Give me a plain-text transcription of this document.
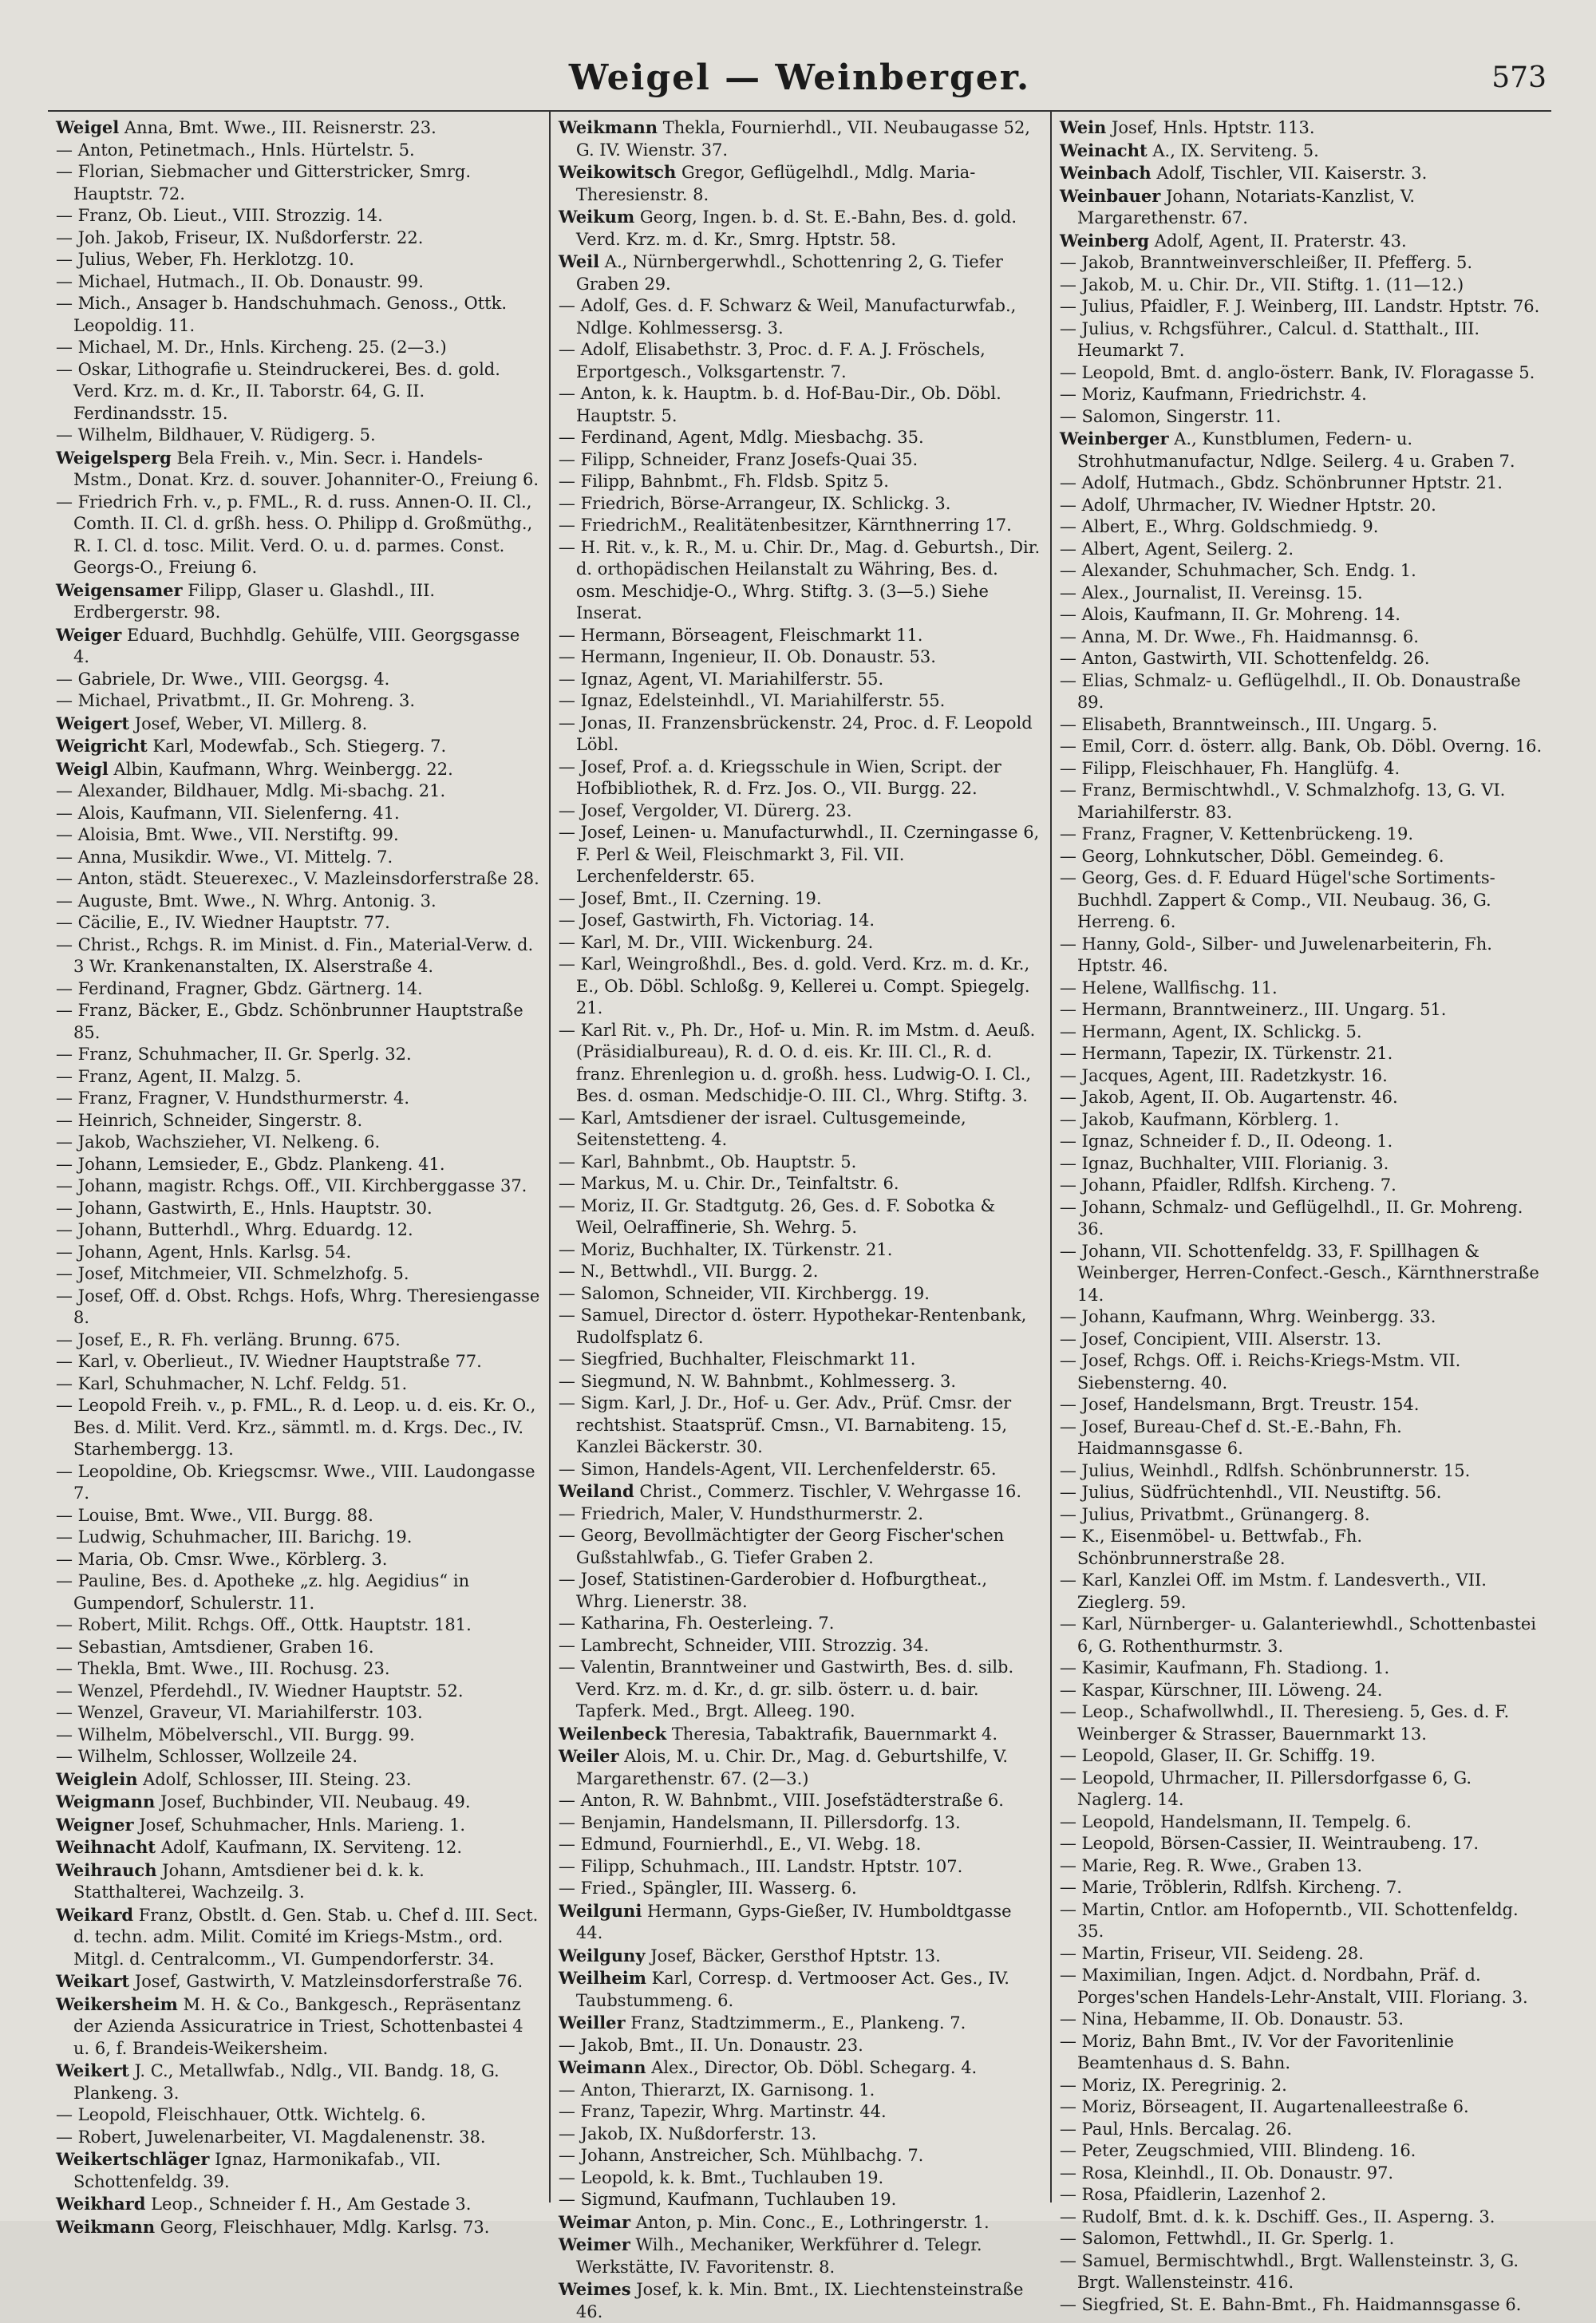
Weigel — Weinberger.	573

Weigel Anna, Bmt. Wwe., III. Reisnerstr. 23.

— Anton, Petinetmach., Hnls. Hürtelstr. 5.

— Florian, Siebmacher und Gitterstricker, Smrg. Hauptstr. 72.

— Franz, Ob. Lieut., VIII. Strozzig. 14.

— Joh. Jakob, Friseur, IX. Nußdorferstr. 22.

— Julius, Weber, Fh. Herklotzg. 10.

— Michael, Hutmach., II. Ob. Donaustr. 99.

— Mich., Ansager b. Handschuhmach. Genoss., Ottk. Leopoldig. 11.

— Michael, M. Dr., Hnls. Kircheng. 25. (2—3.)

— Oskar, Lithografie u. Steindruckerei, Bes. d. gold. Verd. Krz. m. d. Kr., II. Taborstr. 64, G. II. Ferdinandsstr. 15.

— Wilhelm, Bildhauer, V. Rüdigerg. 5.

Weigelsperg Bela Freih. v., Min. Secr. i. Handels-Mstm., Donat. Krz. d. souver. Johanniter-O., Freiung 6.

— Friedrich Frh. v., p. FML., R. d. russ. Annen-O. II. Cl., Comth. II. Cl. d. grßh. hess. O. Philipp d. Großmüthg., R. I. Cl. d. tosc. Milit. Verd. O. u. d. parmes. Const. Georgs-O., Freiung 6.

Weigensamer Filipp, Glaser u. Glashdl., III. Erdbergerstr. 98.

Weiger Eduard, Buchhdlg. Gehülfe, VIII. Georgsgasse 4.

— Gabriele, Dr. Wwe., VIII. Georgsg. 4.

— Michael, Privatbmt., II. Gr. Mohreng. 3.

Weigert Josef, Weber, VI. Millerg. 8.

Weigricht Karl, Modewfab., Sch. Stiegerg. 7.

Weigl Albin, Kaufmann, Whrg. Weinbergg. 22.

— Alexander, Bildhauer, Mdlg. Mi-sbachg. 21.

— Alois, Kaufmann, VII. Sielenferng. 41.

— Aloisia, Bmt. Wwe., VII. Nerstiftg. 99.

— Anna, Musikdir. Wwe., VI. Mittelg. 7.

— Anton, städt. Steuerexec., V. Mazleinsdorferstraße 28.

— Auguste, Bmt. Wwe., N. Whrg. Antonig. 3.

— Cäcilie, E., IV. Wiedner Hauptstr. 77.

— Christ., Rchgs. R. im Minist. d. Fin., Material-Verw. d. 3 Wr. Krankenanstalten, IX. Alserstraße 4.

— Ferdinand, Fragner, Gbdz. Gärtnerg. 14.

— Franz, Bäcker, E., Gbdz. Schönbrunner Hauptstraße 85.

— Franz, Schuhmacher, II. Gr. Sperlg. 32.

— Franz, Agent, II. Malzg. 5.

— Franz, Fragner, V. Hundsthurmerstr. 4.

— Heinrich, Schneider, Singerstr. 8.

— Jakob, Wachszieher, VI. Nelkeng. 6.

— Johann, Lemsieder, E., Gbdz. Plankeng. 41.

— Johann, magistr. Rchgs. Off., VII. Kirchberggasse 37.

— Johann, Gastwirth, E., Hnls. Hauptstr. 30.

— Johann, Butterhdl., Whrg. Eduardg. 12.

— Johann, Agent, Hnls. Karlsg. 54.

— Josef, Mitchmeier, VII. Schmelzhofg. 5.

— Josef, Off. d. Obst. Rchgs. Hofs, Whrg. Theresiengasse 8.

— Josef, E., R. Fh. verläng. Brunng. 675.

— Karl, v. Oberlieut., IV. Wiedner Hauptstraße 77.

— Karl, Schuhmacher, N. Lchf. Feldg. 51.

— Leopold Freih. v., p. FML., R. d. Leop. u. d. eis. Kr. O., Bes. d. Milit. Verd. Krz., sämmtl. m. d. Krgs. Dec., IV. Starhembergg. 13.

— Leopoldine, Ob. Kriegscmsr. Wwe., VIII. Laudongasse 7.

— Louise, Bmt. Wwe., VII. Burgg. 88.

— Ludwig, Schuhmacher, III. Barichg. 19.

— Maria, Ob. Cmsr. Wwe., Körblerg. 3.

— Pauline, Bes. d. Apotheke „z. hlg. Aegidius“ in Gumpendorf, Schulerstr. 11.

— Robert, Milit. Rchgs. Off., Ottk. Hauptstr. 181.

— Sebastian, Amtsdiener, Graben 16.

— Thekla, Bmt. Wwe., III. Rochusg. 23.

— Wenzel, Pferdehdl., IV. Wiedner Hauptstr. 52.

— Wenzel, Graveur, VI. Mariahilferstr. 103.

— Wilhelm, Möbelverschl., VII. Burgg. 99.

— Wilhelm, Schlosser, Wollzeile 24.

Weiglein Adolf, Schlosser, III. Steing. 23.

Weigmann Josef, Buchbinder, VII. Neubaug. 49.

Weigner Josef, Schuhmacher, Hnls. Marieng. 1.

Weihnacht Adolf, Kaufmann, IX. Serviteng. 12.

Weihrauch Johann, Amtsdiener bei d. k. k. Statthalterei, Wachzeilg. 3.

Weikard Franz, Obstlt. d. Gen. Stab. u. Chef d. III. Sect. d. techn. adm. Milit. Comité im Kriegs-Mstm., ord. Mitgl. d. Centralcomm., VI. Gumpendorferstr. 34.

Weikart Josef, Gastwirth, V. Matzleinsdorferstraße 76.

Weikersheim M. H. & Co., Bankgesch., Repräsentanz der Azienda Assicuratrice in Triest, Schottenbastei 4 u. 6, f. Brandeis-Weikersheim.

Weikert J. C., Metallwfab., Ndlg., VII. Bandg. 18, G. Plankeng. 3.

— Leopold, Fleischhauer, Ottk. Wichtelg. 6.

— Robert, Juwelenarbeiter, VI. Magdalenenstr. 38.

Weikertschläger Ignaz, Harmonikafab., VII. Schottenfeldg. 39.

Weikhard Leop., Schneider f. H., Am Gestade 3.

Weikmann Georg, Fleischhauer, Mdlg. Karlsg. 73.

Weikmann Thekla, Fournierhdl., VII. Neubaugasse 52, G. IV. Wienstr. 37.

Weikowitsch Gregor, Geflügelhdl., Mdlg. Maria-Theresienstr. 8.

Weikum Georg, Ingen. b. d. St. E.-Bahn, Bes. d. gold. Verd. Krz. m. d. Kr., Smrg. Hptstr. 58.

Weil A., Nürnbergerwhdl., Schottenring 2, G. Tiefer Graben 29.

— Adolf, Ges. d. F. Schwarz & Weil, Manufacturwfab., Ndlge. Kohlmessersg. 3.

— Adolf, Elisabethstr. 3, Proc. d. F. A. J. Fröschels, Erportgesch., Volksgartenstr. 7.

— Anton, k. k. Hauptm. b. d. Hof-Bau-Dir., Ob. Döbl. Hauptstr. 5.

— Ferdinand, Agent, Mdlg. Miesbachg. 35.

— Filipp, Schneider, Franz Josefs-Quai 35.

— Filipp, Bahnbmt., Fh. Fldsb. Spitz 5.

— Friedrich, Börse-Arrangeur, IX. Schlickg. 3.

— FriedrichM., Realitätenbesitzer, Kärnthnerring 17.

— H. Rit. v., k. R., M. u. Chir. Dr., Mag. d. Geburtsh., Dir. d. orthopädischen Heilanstalt zu Währing, Bes. d. osm. Meschidje-O., Whrg. Stiftg. 3. (3—5.) Siehe Inserat.

— Hermann, Börseagent, Fleischmarkt 11.

— Hermann, Ingenieur, II. Ob. Donaustr. 53.

— Ignaz, Agent, VI. Mariahilferstr. 55.

— Ignaz, Edelsteinhdl., VI. Mariahilferstr. 55.

— Jonas, II. Franzensbrückenstr. 24, Proc. d. F. Leopold Löbl.

— Josef, Prof. a. d. Kriegsschule in Wien, Script. der Hofbibliothek, R. d. Frz. Jos. O., VII. Burgg. 22.

— Josef, Vergolder, VI. Dürerg. 23.

— Josef, Leinen- u. Manufacturwhdl., II. Czerningasse 6, F. Perl & Weil, Fleischmarkt 3, Fil. VII. Lerchenfelderstr. 65.

— Josef, Bmt., II. Czerning. 19.

— Josef, Gastwirth, Fh. Victoriag. 14.

— Karl, M. Dr., VIII. Wickenburg. 24.

— Karl, Weingroßhdl., Bes. d. gold. Verd. Krz. m. d. Kr., E., Ob. Döbl. Schloßg. 9, Kellerei u. Compt. Spiegelg. 21.

— Karl Rit. v., Ph. Dr., Hof- u. Min. R. im Mstm. d. Aeuß. (Präsidialbureau), R. d. O. d. eis. Kr. III. Cl., R. d. franz. Ehrenlegion u. d. großh. hess. Ludwig-O. I. Cl., Bes. d. osman. Medschidje-O. III. Cl., Whrg. Stiftg. 3.

— Karl, Amtsdiener der israel. Cultusgemeinde, Seitenstetteng. 4.

— Karl, Bahnbmt., Ob. Hauptstr. 5.

— Markus, M. u. Chir. Dr., Teinfaltstr. 6.

— Moriz, II. Gr. Stadtgutg. 26, Ges. d. F. Sobotka & Weil, Oelraffinerie, Sh. Wehrg. 5.

— Moriz, Buchhalter, IX. Türkenstr. 21.

— N., Bettwhdl., VII. Burgg. 2.

— Salomon, Schneider, VII. Kirchbergg. 19.

— Samuel, Director d. österr. Hypothekar-Rentenbank, Rudolfsplatz 6.

— Siegfried, Buchhalter, Fleischmarkt 11.

— Siegmund, N. W. Bahnbmt., Kohlmesserg. 3.

— Sigm. Karl, J. Dr., Hof- u. Ger. Adv., Prüf. Cmsr. der rechtshist. Staatsprüf. Cmsn., VI. Barnabiteng. 15, Kanzlei Bäckerstr. 30.

— Simon, Handels-Agent, VII. Lerchenfelderstr. 65.

Weiland Christ., Commerz. Tischler, V. Wehrgasse 16.

— Friedrich, Maler, V. Hundsthurmerstr. 2.

— Georg, Bevollmächtigter der Georg Fischer'schen Gußstahlwfab., G. Tiefer Graben 2.

— Josef, Statistinen-Garderobier d. Hofburgtheat., Whrg. Lienerstr. 38.

— Katharina, Fh. Oesterleing. 7.

— Lambrecht, Schneider, VIII. Strozzig. 34.

— Valentin, Branntweiner und Gastwirth, Bes. d. silb. Verd. Krz. m. d. Kr., d. gr. silb. österr. u. d. bair. Tapferk. Med., Brgt. Alleeg. 190.

Weilenbeck Theresia, Tabaktrafik, Bauernmarkt 4.

Weiler Alois, M. u. Chir. Dr., Mag. d. Geburtshilfe, V. Margarethenstr. 67. (2—3.)

— Anton, R. W. Bahnbmt., VIII. Josefstädterstraße 6.

— Benjamin, Handelsmann, II. Pillersdorfg. 13.

— Edmund, Fournierhdl., E., VI. Webg. 18.

— Filipp, Schuhmach., III. Landstr. Hptstr. 107.

— Fried., Spängler, III. Wasserg. 6.

Weilguni Hermann, Gyps-Gießer, IV. Humboldtgasse 44.

Weilguny Josef, Bäcker, Gersthof Hptstr. 13.

Weilheim Karl, Corresp. d. Vertmooser Act. Ges., IV. Taubstummeng. 6.

Weiller Franz, Stadtzimmerm., E., Plankeng. 7.

— Jakob, Bmt., II. Un. Donaustr. 23.

Weimann Alex., Director, Ob. Döbl. Schegarg. 4.

— Anton, Thierarzt, IX. Garnisong. 1.

— Franz, Tapezir, Whrg. Martinstr. 44.

— Jakob, IX. Nußdorferstr. 13.

— Johann, Anstreicher, Sch. Mühlbachg. 7.

— Leopold, k. k. Bmt., Tuchlauben 19.

— Sigmund, Kaufmann, Tuchlauben 19.

Weimar Anton, p. Min. Conc., E., Lothringerstr. 1.

Weimer Wilh., Mechaniker, Werkführer d. Telegr. Werkstätte, IV. Favoritenstr. 8.

Weimes Josef, k. k. Min. Bmt., IX. Liechtensteinstraße 46.

Wein Josef, Hnls. Hptstr. 113.

Weinacht A., IX. Serviteng. 5.

Weinbach Adolf, Tischler, VII. Kaiserstr. 3.

Weinbauer Johann, Notariats-Kanzlist, V. Margarethenstr. 67.

Weinberg Adolf, Agent, II. Praterstr. 43.

— Jakob, Branntweinverschleißer, II. Pfefferg. 5.

— Jakob, M. u. Chir. Dr., VII. Stiftg. 1. (11—12.)

— Julius, Pfaidler, F. J. Weinberg, III. Landstr. Hptstr. 76.

— Julius, v. Rchgsführer., Calcul. d. Statthalt., III. Heumarkt 7.

— Leopold, Bmt. d. anglo-österr. Bank, IV. Floragasse 5.

— Moriz, Kaufmann, Friedrichstr. 4.

— Salomon, Singerstr. 11.

Weinberger A., Kunstblumen, Federn- u. Strohhutmanufactur, Ndlge. Seilerg. 4 u. Graben 7.

— Adolf, Hutmach., Gbdz. Schönbrunner Hptstr. 21.

— Adolf, Uhrmacher, IV. Wiedner Hptstr. 20.

— Albert, E., Whrg. Goldschmiedg. 9.

— Albert, Agent, Seilerg. 2.

— Alexander, Schuhmacher, Sch. Endg. 1.

— Alex., Journalist, II. Vereinsg. 15.

— Alois, Kaufmann, II. Gr. Mohreng. 14.

— Anna, M. Dr. Wwe., Fh. Haidmannsg. 6.

— Anton, Gastwirth, VII. Schottenfeldg. 26.

— Elias, Schmalz- u. Geflügelhdl., II. Ob. Donaustraße 89.

— Elisabeth, Branntweinsch., III. Ungarg. 5.

— Emil, Corr. d. österr. allg. Bank, Ob. Döbl. Overng. 16.

— Filipp, Fleischhauer, Fh. Hanglüfg. 4.

— Franz, Bermischtwhdl., V. Schmalzhofg. 13, G. VI. Mariahilferstr. 83.

— Franz, Fragner, V. Kettenbrückeng. 19.

— Georg, Lohnkutscher, Döbl. Gemeindeg. 6.

— Georg, Ges. d. F. Eduard Hügel'sche Sortiments-Buchhdl. Zappert & Comp., VII. Neubaug. 36, G. Herreng. 6.

— Hanny, Gold-, Silber- und Juwelenarbeiterin, Fh. Hptstr. 46.

— Helene, Wallfischg. 11.

— Hermann, Branntweinerz., III. Ungarg. 51.

— Hermann, Agent, IX. Schlickg. 5.

— Hermann, Tapezir, IX. Türkenstr. 21.

— Jacques, Agent, III. Radetzkystr. 16.

— Jakob, Agent, II. Ob. Augartenstr. 46.

— Jakob, Kaufmann, Körblerg. 1.

— Ignaz, Schneider f. D., II. Odeong. 1.

— Ignaz, Buchhalter, VIII. Florianig. 3.

— Johann, Pfaidler, Rdlfsh. Kircheng. 7.

— Johann, Schmalz- und Geflügelhdl., II. Gr. Mohreng. 36.

— Johann, VII. Schottenfeldg. 33, F. Spillhagen & Weinberger, Herren-Confect.-Gesch., Kärnthnerstraße 14.

— Johann, Kaufmann, Whrg. Weinbergg. 33.

— Josef, Concipient, VIII. Alserstr. 13.

— Josef, Rchgs. Off. i. Reichs-Kriegs-Mstm. VII. Siebensterng. 40.

— Josef, Handelsmann, Brgt. Treustr. 154.

— Josef, Bureau-Chef d. St.-E.-Bahn, Fh. Haidmannsgasse 6.

— Julius, Weinhdl., Rdlfsh. Schönbrunnerstr. 15.

— Julius, Südfrüchtenhdl., VII. Neustiftg. 56.

— Julius, Privatbmt., Grünangerg. 8.

— K., Eisenmöbel- u. Bettwfab., Fh. Schönbrunnerstraße 28.

— Karl, Kanzlei Off. im Mstm. f. Landesverth., VII. Zieglerg. 59.

— Karl, Nürnberger- u. Galanteriewhdl., Schottenbastei 6, G. Rothenthurmstr. 3.

— Kasimir, Kaufmann, Fh. Stadiong. 1.

— Kaspar, Kürschner, III. Löweng. 24.

— Leop., Schafwollwhdl., II. Theresieng. 5, Ges. d. F. Weinberger & Strasser, Bauernmarkt 13.

— Leopold, Glaser, II. Gr. Schiffg. 19.

— Leopold, Uhrmacher, II. Pillersdorfgasse 6, G. Naglerg. 14.

— Leopold, Handelsmann, II. Tempelg. 6.

— Leopold, Börsen-Cassier, II. Weintraubeng. 17.

— Marie, Reg. R. Wwe., Graben 13.

— Marie, Tröblerin, Rdlfsh. Kircheng. 7.

— Martin, Cntlor. am Hofoperntb., VII. Schottenfeldg. 35.

— Martin, Friseur, VII. Seideng. 28.

— Maximilian, Ingen. Adjct. d. Nordbahn, Präf. d. Porges'schen Handels-Lehr-Anstalt, VIII. Floriang. 3.

— Nina, Hebamme, II. Ob. Donaustr. 53.

— Moriz, Bahn Bmt., IV. Vor der Favoritenlinie Beamtenhaus d. S. Bahn.

— Moriz, IX. Peregrinig. 2.

— Moriz, Börseagent, II. Augartenalleestraße 6.

— Paul, Hnls. Bercalag. 26.

— Peter, Zeugschmied, VIII. Blindeng. 16.

— Rosa, Kleinhdl., II. Ob. Donaustr. 97.

— Rosa, Pfaidlerin, Lazenhof 2.

— Rudolf, Bmt. d. k. k. Dschiff. Ges., II. Asperng. 3.

— Salomon, Fettwhdl., II. Gr. Sperlg. 1.

— Samuel, Bermischtwhdl., Brgt. Wallensteinstr. 3, G. Brgt. Wallensteinstr. 416.

— Siegfried, St. E. Bahn-Bmt., Fh. Haidmannsgasse 6.
